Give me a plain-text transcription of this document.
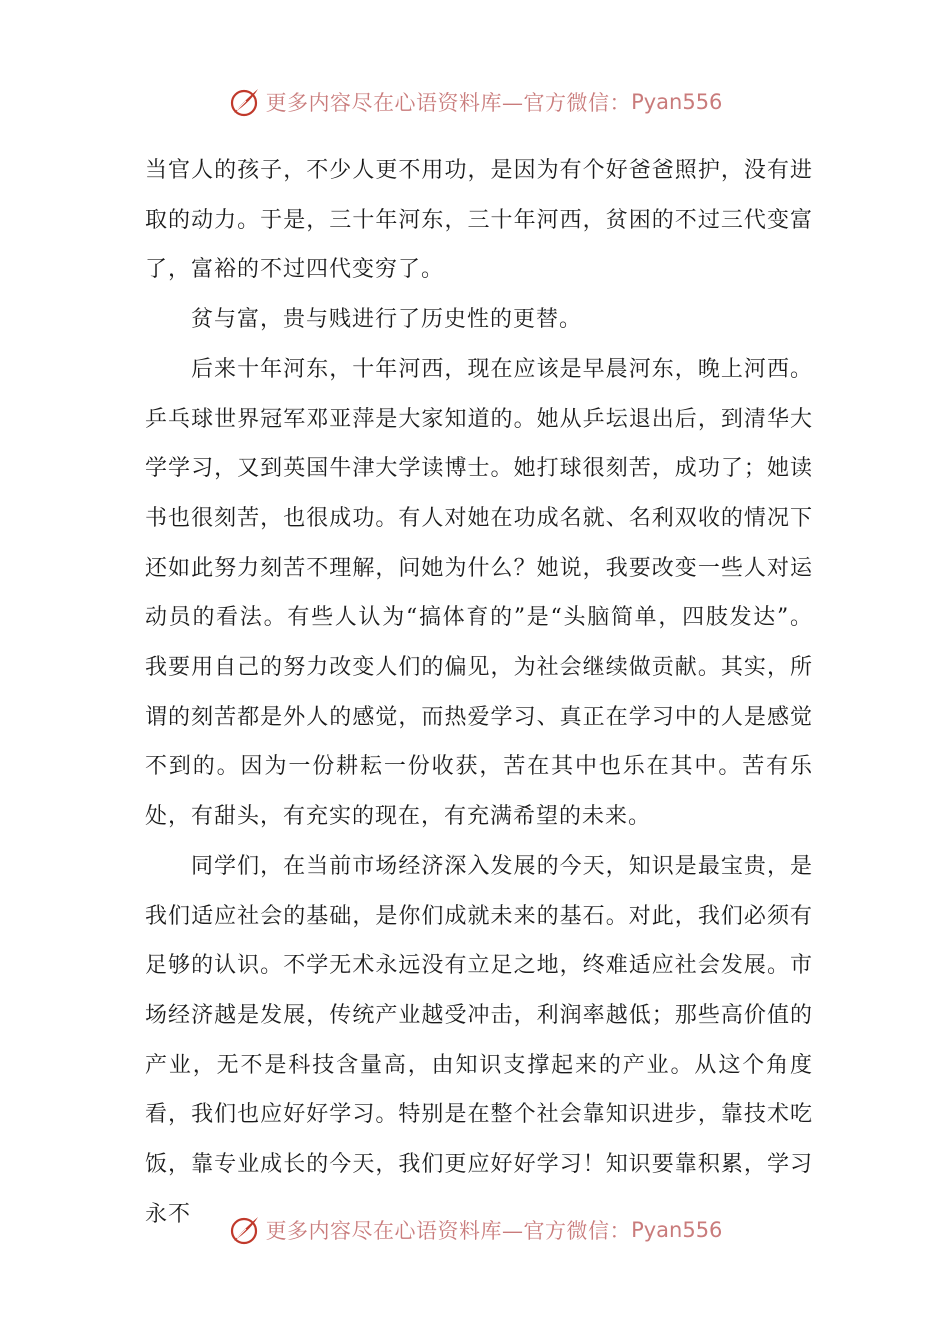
更多内容尽在心语资料库—官方微信： Pyan556

当官人的孩子，不少人更不用功，是因为有个好爸爸照护，没有进取的动力。于是，三十年河东，三十年河西，贫困的不过三代变富了，富裕的不过四代变穷了。

贫与富，贵与贱进行了历史性的更替。

后来十年河东，十年河西，现在应该是早晨河东，晚上河西。乒乓球世界冠军邓亚萍是大家知道的。她从乒坛退出后，到清华大学学习，又到英国牛津大学读博士。她打球很刻苦，成功了；她读书也很刻苦，也很成功。有人对她在功成名就、名利双收的情况下还如此努力刻苦不理解，问她为什么？她说，我要改变一些人对运动员的看法。有些人认为“搞体育的”是“头脑简单，四肢发达”。我要用自己的努力改变人们的偏见，为社会继续做贡献。其实，所谓的刻苦都是外人的感觉，而热爱学习、真正在学习中的人是感觉不到的。因为一份耕耘一份收获，苦在其中也乐在其中。苦有乐处，有甜头，有充实的现在，有充满希望的未来。

同学们，在当前市场经济深入发展的今天，知识是最宝贵，是我们适应社会的基础，是你们成就未来的基石。对此，我们必须有足够的认识。不学无术永远没有立足之地，终难适应社会发展。市场经济越是发展，传统产业越受冲击，利润率越低；那些高价值的产业，无不是科技含量高，由知识支撑起来的产业。从这个角度看，我们也应好好学习。特别是在整个社会靠知识进步，靠技术吃饭，靠专业成长的今天，我们更应好好学习！知识要靠积累，学习永不

更多内容尽在心语资料库—官方微信： Pyan556
